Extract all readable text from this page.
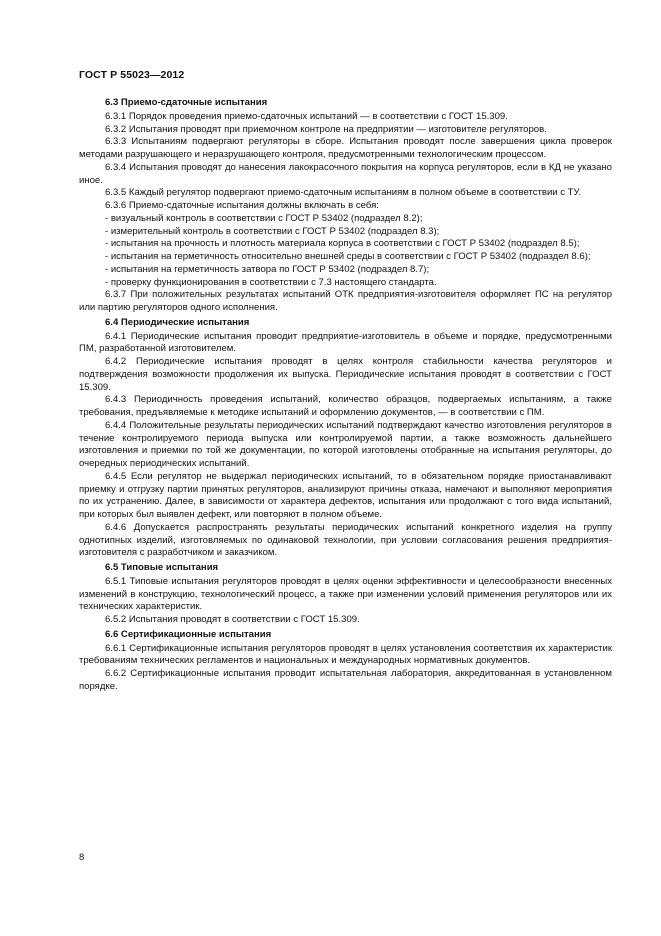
ГОСТ Р 55023—2012

6.3 Приемо-сдаточные испытания

6.3.1 Порядок проведения приемо-сдаточных испытаний — в соответствии с ГОСТ 15.309.

6.3.2 Испытания проводят при приемочном контроле на предприятии — изготовителе регуляторов.

6.3.3 Испытаниям подвергают регуляторы в сборе. Испытания проводят после завершения цикла проверок методами разрушающего и неразрушающего контроля, предусмотренными технологическим процессом.

6.3.4 Испытания проводят до нанесения лакокрасочного покрытия на корпуса регуляторов, если в КД не указано иное.

6.3.5 Каждый регулятор подвергают приемо-сдаточным испытаниям в полном объеме в соответствии с ТУ.

6.3.6 Приемо-сдаточные испытания должны включать в себя:

- визуальный контроль в соответствии с ГОСТ Р 53402 (подраздел 8.2);

- измерительный контроль в соответствии с ГОСТ Р 53402 (подраздел 8.3);

- испытания на прочность и плотность материала корпуса в соответствии с ГОСТ Р 53402 (подраздел 8.5);

- испытания на герметичность относительно внешней среды в соответствии с ГОСТ Р 53402 (подраздел 8.6);

- испытания на герметичность затвора по ГОСТ Р 53402 (подраздел 8.7);

- проверку функционирования в соответствии с 7.3 настоящего стандарта.

6.3.7 При положительных результатах испытаний ОТК предприятия-изготовителя оформляет ПС на регулятор или партию регуляторов одного исполнения.

6.4 Периодические испытания

6.4.1 Периодические испытания проводит предприятие-изготовитель в объеме и порядке, предусмотренными ПМ, разработанной изготовителем.

6.4.2 Периодические испытания проводят в целях контроля стабильности качества регуляторов и подтверждения возможности продолжения их выпуска. Периодические испытания проводят в соответствии с ГОСТ 15.309.

6.4.3 Периодичность проведения испытаний, количество образцов, подвергаемых испытаниям, а также требования, предъявляемые к методике испытаний и оформлению документов, — в соответствии с ПМ.

6.4.4 Положительные результаты периодических испытаний подтверждают качество изготовления регуляторов в течение контролируемого периода выпуска или контролируемой партии, а также возможность дальнейшего изготовления и приемки по той же документации, по которой изготовлены отобранные на испытания регуляторы, до очередных периодических испытаний.

6.4.5 Если регулятор не выдержал периодических испытаний, то в обязательном порядке приостанавливают приемку и отгрузку партии принятых регуляторов, анализируют причины отказа, намечают и выполняют мероприятия по их устранению. Далее, в зависимости от характера дефектов, испытания или продолжают с того вида испытаний, при которых был выявлен дефект, или повторяют в полном объеме.

6.4.6 Допускается распространять результаты периодических испытаний конкретного изделия на группу однотипных изделий, изготовляемых по одинаковой технологии, при условии согласования решения предприятия-изготовителя с разработчиком и заказчиком.

6.5 Типовые испытания

6.5.1 Типовые испытания регуляторов проводят в целях оценки эффективности и целесообразности внесенных изменений в конструкцию, технологический процесс, а также при изменении условий применения регуляторов или их технических характеристик.

6.5.2 Испытания проводят в соответствии с ГОСТ 15.309.

6.6 Сертификационные испытания

6.6.1 Сертификационные испытания регуляторов проводят в целях установления соответствия их характеристик требованиям технических регламентов и национальных и международных нормативных документов.

6.6.2 Сертификационные испытания проводит испытательная лаборатория, аккредитованная в установленном порядке.

8
